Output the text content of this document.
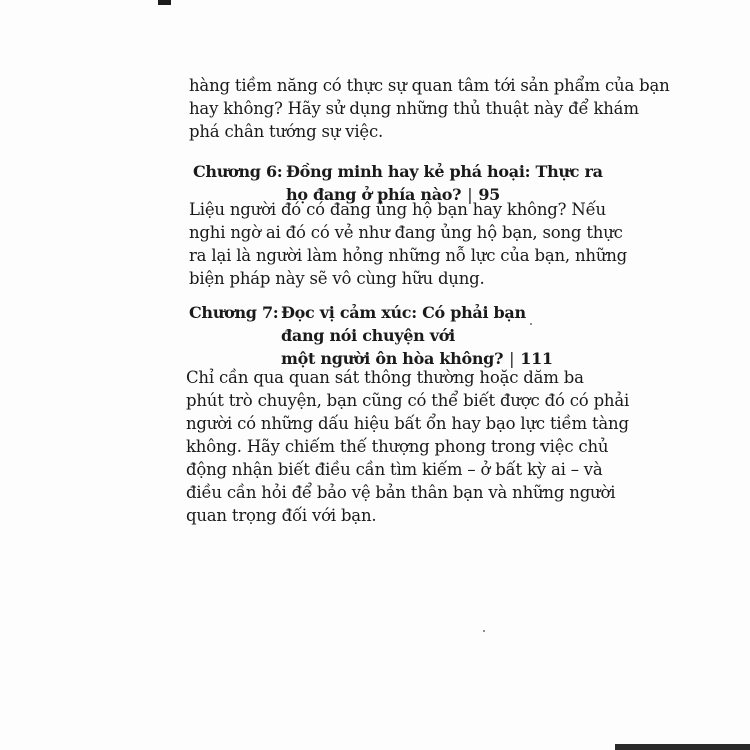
hàng tiềm năng có thực sự quan tâm tới sản phẩm của bạn
hay không? Hãy sử dụng những thủ thuật này để khám
phá chân tướng sự việc.

Chương 6: Đồng minh hay kẻ phá hoại: Thực ra
họ đang ở phía nào? | 95

Liệu người đó có đang ủng hộ bạn hay không? Nếu
nghi ngờ ai đó có vẻ như đang ủng hộ bạn, song thực
ra lại là người làm hỏng những nỗ lực của bạn, những
biện pháp này sẽ vô cùng hữu dụng.

Chương 7: Đọc vị cảm xúc: Có phải bạn
đang nói chuyện với
một người ôn hòa không? | 111

Chỉ cần qua quan sát thông thường hoặc dăm ba
phút trò chuyện, bạn cũng có thể biết được đó có phải
người có những dấu hiệu bất ổn hay bạo lực tiềm tàng
không. Hãy chiếm thế thượng phong trong việc chủ
động nhận biết điều cần tìm kiếm – ở bất kỳ ai – và
điều cần hỏi để bảo vệ bản thân bạn và những người
quan trọng đối với bạn.
